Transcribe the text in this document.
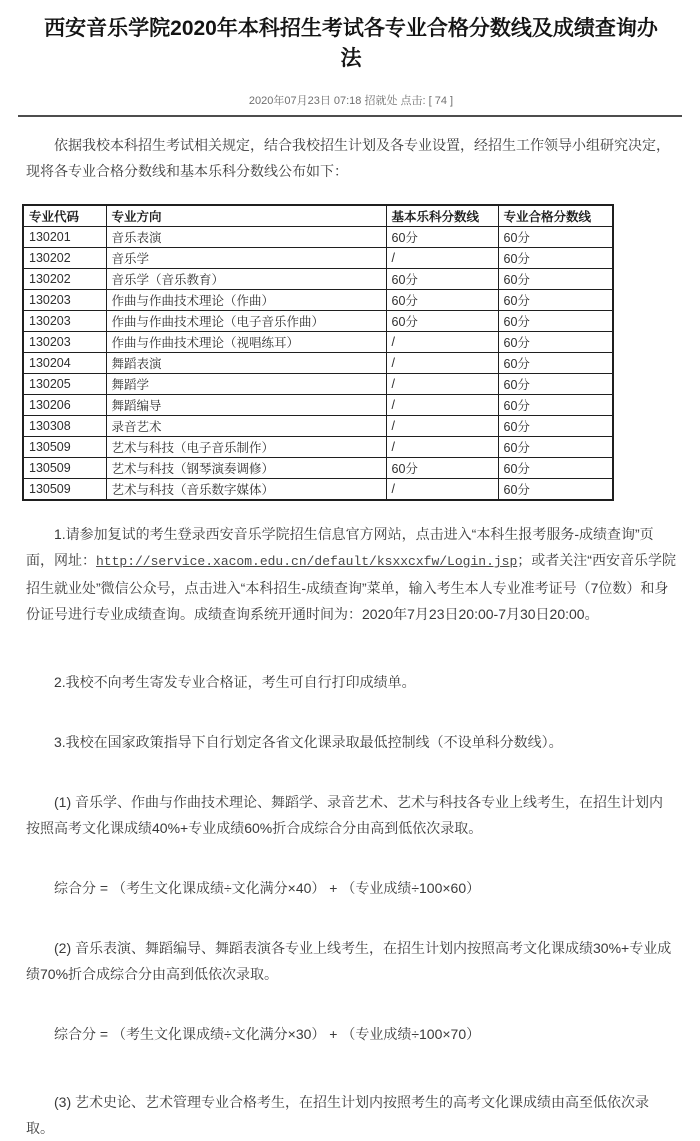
西安音乐学院2020年本科招生考试各专业合格分数线及成绩查询办法
2020年07月23日 07:18 招就处 点击: [ 74 ]

依据我校本科招生考试相关规定，结合我校招生计划及各专业设置，经招生工作领导小组研究决定，现将各专业合格分数线和基本乐科分数线公布如下：

专业代码	专业方向	基本乐科分数线	专业合格分数线
130201	音乐表演	60分	60分
130202	音乐学	/	60分
130202	音乐学（音乐教育）	60分	60分
130203	作曲与作曲技术理论（作曲）	60分	60分
130203	作曲与作曲技术理论（电子音乐作曲）	60分	60分
130203	作曲与作曲技术理论（视唱练耳）	/	60分
130204	舞蹈表演	/	60分
130205	舞蹈学	/	60分
130206	舞蹈编导	/	60分
130308	录音艺术	/	60分
130509	艺术与科技（电子音乐制作）	/	60分
130509	艺术与科技（钢琴演奏调修）	60分	60分
130509	艺术与科技（音乐数字媒体）	/	60分

1.请参加复试的考生登录西安音乐学院招生信息官方网站，点击进入“本科生报考服务-成绩查询”页面，网址：http://service.xacom.edu.cn/default/ksxxcxfw/Login.jsp；或者关注“西安音乐学院招生就业处”微信公众号，点击进入“本科招生-成绩查询”菜单，输入考生本人专业准考证号（7位数）和身份证号进行专业成绩查询。成绩查询系统开通时间为：2020年7月23日20:00-7月30日20:00。

2.我校不向考生寄发专业合格证，考生可自行打印成绩单。

3.我校在国家政策指导下自行划定各省文化课录取最低控制线（不设单科分数线）。

(1) 音乐学、作曲与作曲技术理论、舞蹈学、录音艺术、艺术与科技各专业上线考生，在招生计划内按照高考文化课成绩40%+专业成绩60%折合成综合分由高到低依次录取。

综合分 = （考生文化课成绩÷文化满分×40） + （专业成绩÷100×60）

(2) 音乐表演、舞蹈编导、舞蹈表演各专业上线考生，在招生计划内按照高考文化课成绩30%+专业成绩70%折合成综合分由高到低依次录取。

综合分 = （考生文化课成绩÷文化满分×30） + （专业成绩÷100×70）

(3) 艺术史论、艺术管理专业合格考生，在招生计划内按照考生的高考文化课成绩由高至低依次录取。
